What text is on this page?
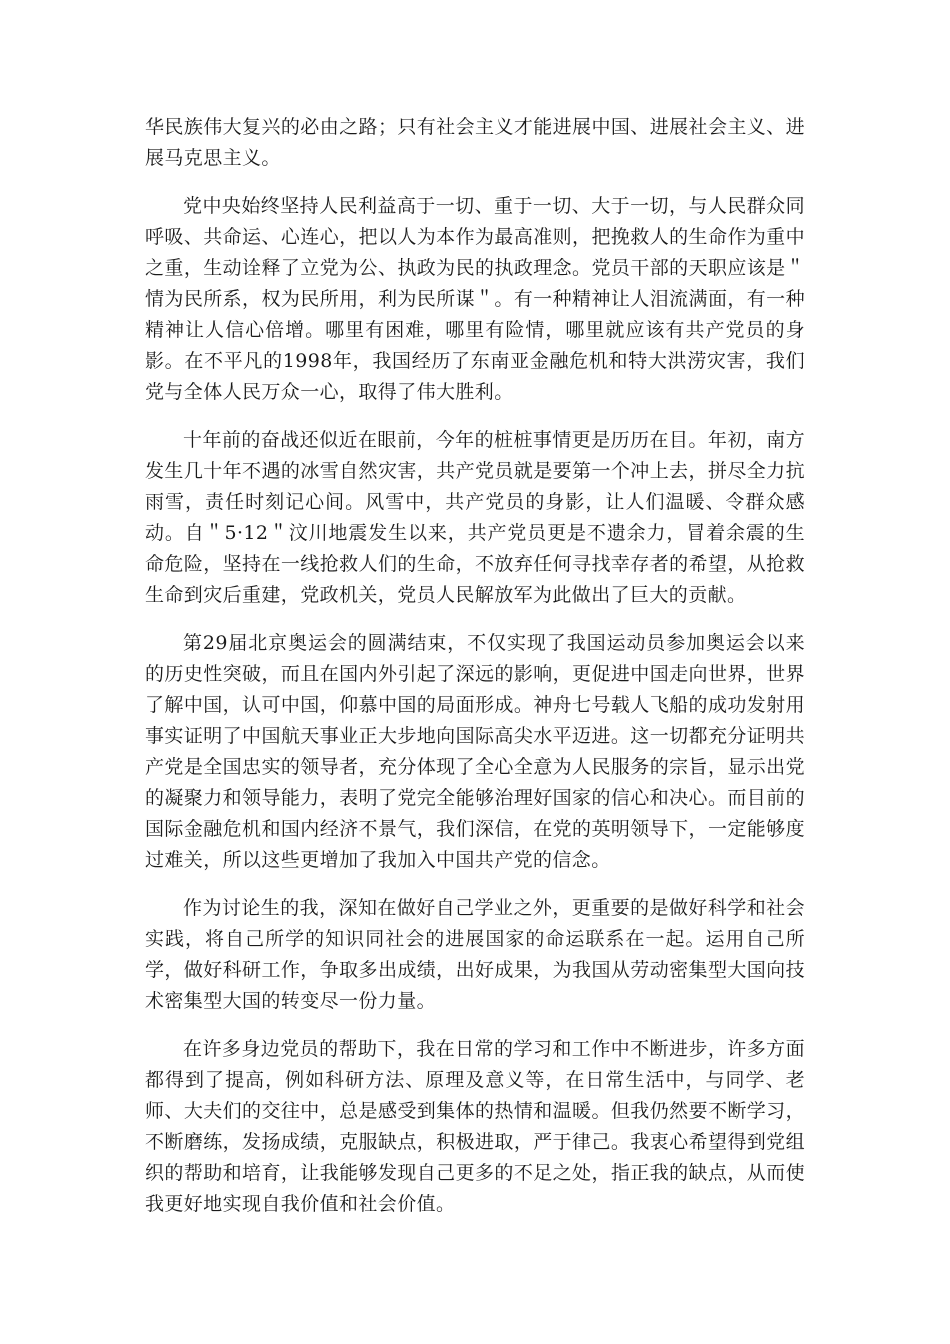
华民族伟大复兴的必由之路；只有社会主义才能进展中国、进展社会主义、进展马克思主义。

党中央始终坚持人民利益高于一切、重于一切、大于一切，与人民群众同呼吸、共命运、心连心，把以人为本作为最高准则，把挽救人的生命作为重中之重，生动诠释了立党为公、执政为民的执政理念。党员干部的天职应该是＂情为民所系，权为民所用，利为民所谋＂。有一种精神让人泪流满面，有一种精神让人信心倍增。哪里有困难，哪里有险情，哪里就应该有共产党员的身影。在不平凡的1998年，我国经历了东南亚金融危机和特大洪涝灾害，我们党与全体人民万众一心，取得了伟大胜利。

十年前的奋战还似近在眼前，今年的桩桩事情更是历历在目。年初，南方发生几十年不遇的冰雪自然灾害，共产党员就是要第一个冲上去，拼尽全力抗雨雪，责任时刻记心间。风雪中，共产党员的身影，让人们温暖、令群众感动。自＂5·12＂汶川地震发生以来，共产党员更是不遗余力，冒着余震的生命危险，坚持在一线抢救人们的生命，不放弃任何寻找幸存者的希望，从抢救生命到灾后重建，党政机关，党员人民解放军为此做出了巨大的贡献。

第29届北京奥运会的圆满结束，不仅实现了我国运动员参加奥运会以来的历史性突破，而且在国内外引起了深远的影响，更促进中国走向世界，世界了解中国，认可中国，仰慕中国的局面形成。神舟七号载人飞船的成功发射用事实证明了中国航天事业正大步地向国际高尖水平迈进。这一切都充分证明共产党是全国忠实的领导者，充分体现了全心全意为人民服务的宗旨，显示出党的凝聚力和领导能力，表明了党完全能够治理好国家的信心和决心。而目前的国际金融危机和国内经济不景气，我们深信，在党的英明领导下，一定能够度过难关，所以这些更增加了我加入中国共产党的信念。

作为讨论生的我，深知在做好自己学业之外，更重要的是做好科学和社会实践，将自己所学的知识同社会的进展国家的命运联系在一起。运用自己所学，做好科研工作，争取多出成绩，出好成果，为我国从劳动密集型大国向技术密集型大国的转变尽一份力量。

在许多身边党员的帮助下，我在日常的学习和工作中不断进步，许多方面都得到了提高，例如科研方法、原理及意义等，在日常生活中，与同学、老师、大夫们的交往中，总是感受到集体的热情和温暖。但我仍然要不断学习，不断磨练，发扬成绩，克服缺点，积极进取，严于律己。我衷心希望得到党组织的帮助和培育，让我能够发现自己更多的不足之处，指正我的缺点，从而使我更好地实现自我价值和社会价值。
